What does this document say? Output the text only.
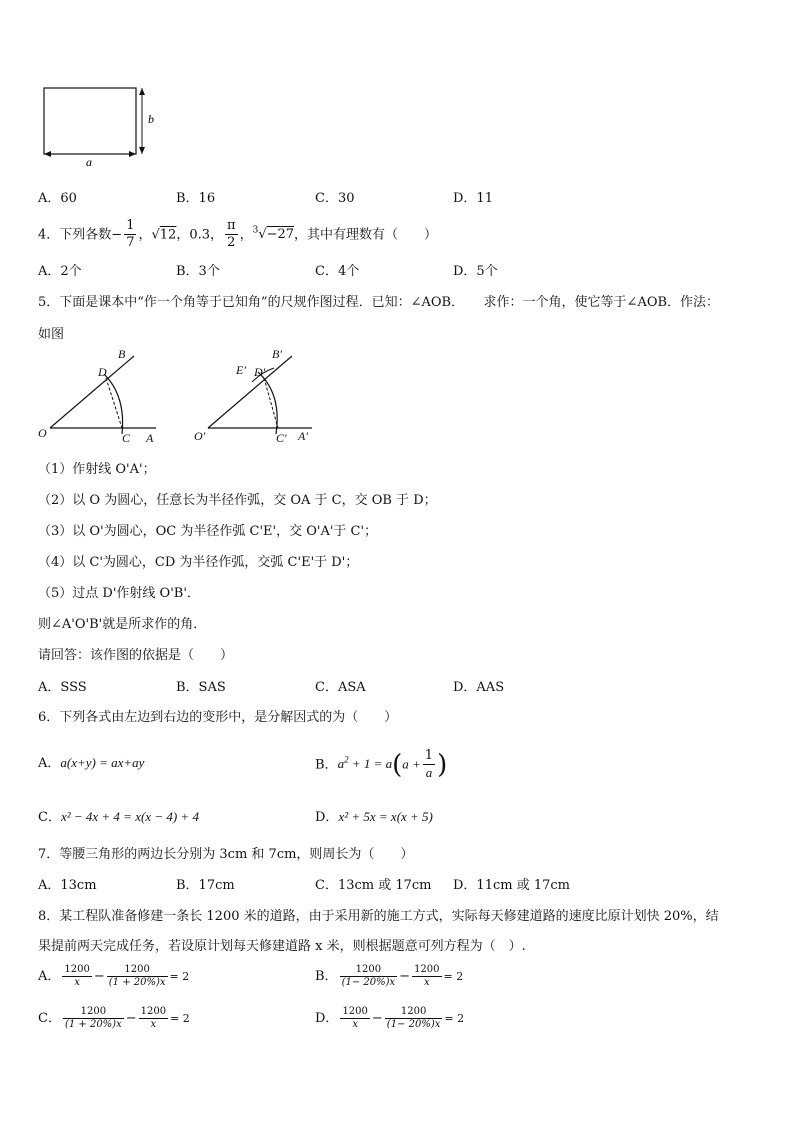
b
a
A．60	B．16	C．30	D．11
4．下列各数− $\frac{1}{7}$ ，√12，0.3， $\frac{\pi}{2}$ ，$^3$√−27，其中有理数有（　　）
A．2个	B．3个	C．4个	D．5个
5．下面是课本中“作一个角等于已知角”的尺规作图过程．已知：∠AOB．　　求作：一个角，使它等于∠AOB．作法：
如图
O	A
B
C
D
O′	A′
B′
C′
D′
E′
（1）作射线 O'A'；
（2）以 O 为圆心，任意长为半径作弧，交 OA 于 C，交 OB 于 D；
（3）以 O'为圆心，OC 为半径作弧 C'E'，交 O'A'于 C'；
（4）以 C'为圆心，CD 为半径作弧，交弧 C'E'于 D'；
（5）过点 D'作射线 O'B'．
则∠A'O'B'就是所求作的角．
请回答：该作图的依据是（　　）
A．SSS	B．SAS	C．ASA	D．AAS
6．下列各式由左边到右边的变形中，是分解因式的为（　　）
A．a(x+y) = ax+ay	B．$a^2 + 1 = a(a + \frac{1}{a}$ )
C．x² − 4x + 4 = x(x − 4) + 4	D．x² + 5x = x(x + 5)
7．等腰三角形的两边长分别为 3cm 和 7cm，则周长为（　　）
A．13cm	B．17cm	C．13cm 或 17cm D．11cm 或 17cm
8．某工程队准备修建一条长 1200 米的道路，由于采用新的施工方式，实际每天修建道路的速度比原计划快 20%，结
果提前两天完成任务，若设原计划每天修建道路 x 米，则根据题意可列方程为（　）.
A． $\frac{1200}{x} - \frac{1200}{(1 + 20\%)x} = 2$	B． $\frac{1200}{(1- 20\%)x} - \frac{1200}{x} = 2$
C． $\frac{1200}{(1 + 20\%)x} - \frac{1200}{x} = 2$	D． $\frac{1200}{x} - \frac{1200}{(1- 20\%)x} = 2$
